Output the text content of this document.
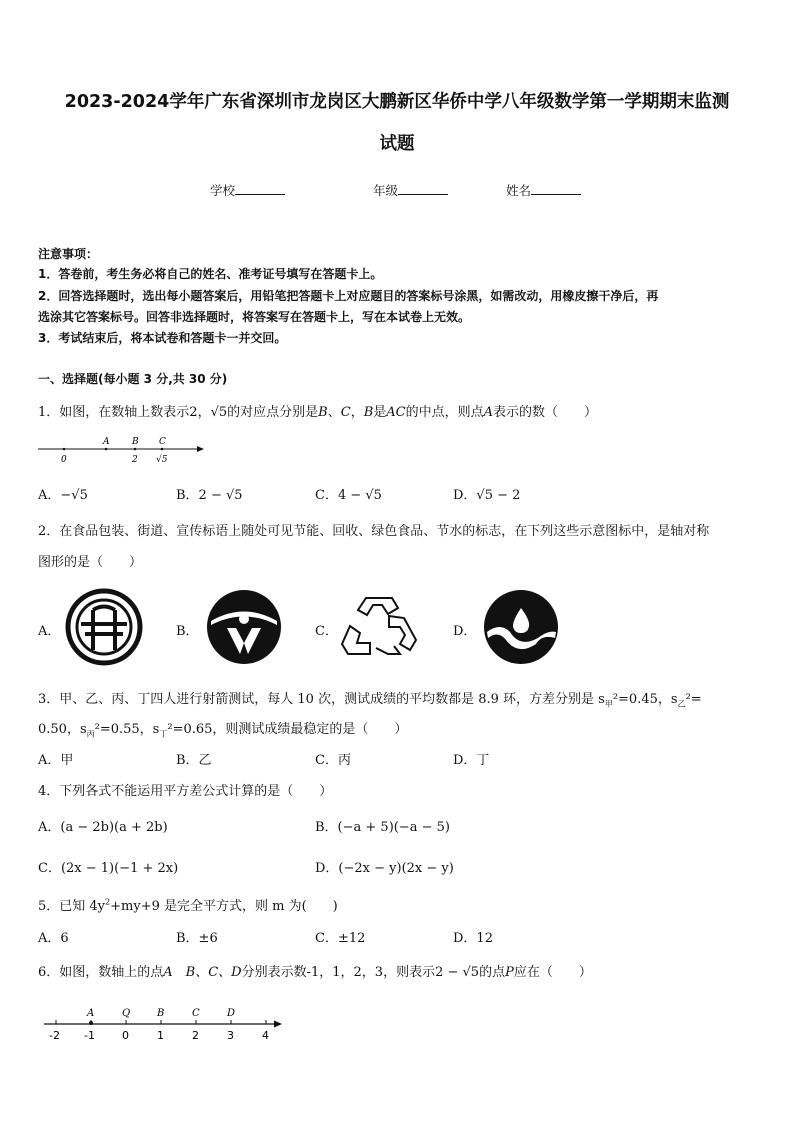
2023-2024学年广东省深圳市龙岗区大鹏新区华侨中学八年级数学第一学期期末监测
试题
学校	年级	姓名
注意事项：
1．答卷前，考生务必将自己的姓名、准考证号填写在答题卡上。
2．回答选择题时，选出每小题答案后，用铅笔把答题卡上对应题目的答案标号涂黑，如需改动，用橡皮擦干净后，再
选涂其它答案标号。回答非选择题时，将答案写在答题卡上，写在本试卷上无效。
3．考试结束后，将本试卷和答题卡一并交回。
一、选择题(每小题 3 分,共 30 分)
1．如图，在数轴上数表示2，√5的对应点分别是B、C，B是AC的中点，则点A表示的数（　　）
A	B C
0	2 √5
A．−√5	B．2 − √5	C．4 − √5	D．√5 − 2
2．在食品包装、街道、宣传标语上随处可见节能、回收、绿色食品、节水的标志，在下列这些示意图标中，是轴对称
图形的是（　　）
A．	B．	C．	D．
3．甲、乙、丙、丁四人进行射箭测试，每人 10 次，测试成绩的平均数都是 8.9 环，方差分别是 $s_甲^2=0.45$，$s_乙^2=$
0.50，$s_丙^2=0.55$，$s_丁^2=0.65$，则测试成绩最稳定的是（　　）
A．甲	B．乙	C．丙	D．丁
4．下列各式不能运用平方差公式计算的是（　　）
A．(a − 2b)(a + 2b)	B．(−a + 5)(−a − 5)
C．(2x − 1)(−1 + 2x)	D．(−2x − y)(2x − y)
5．已知 $4y^2+my+9$ 是完全平方式，则 m 为(　　)
A．6	B．±6	C．±12	D．12
6．如图，数轴上的点A　B、C、D分别表示数-1，1，2，3，则表示2 − √5的点P应在（　　）
A	Q	B	C	D
-2 -1 0	1	2	3	4
